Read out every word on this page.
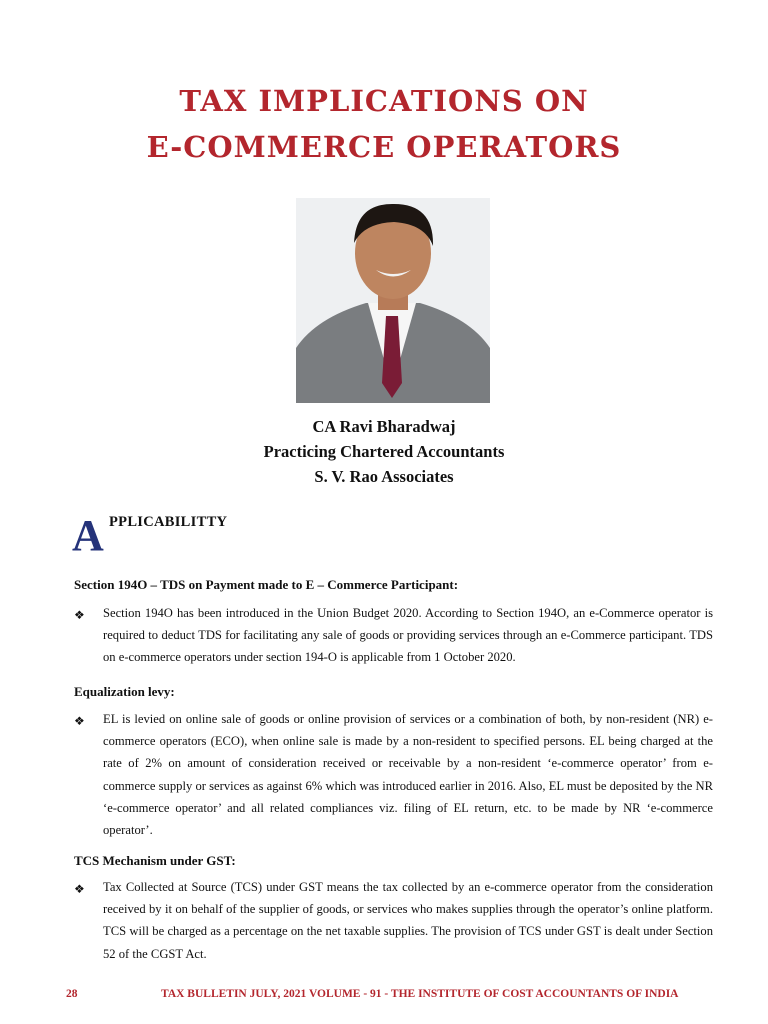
TAX IMPLICATIONS ON
E-COMMERCE OPERATORS
CA Ravi Bharadwaj
Practicing Chartered Accountants
S. V. Rao Associates
A PPLICABILITTY
Section 194O – TDS on Payment made to E – Commerce Participant:
❖ Section 194O has been introduced in the Union Budget 2020. According to Section 194O, an e-Commerce operator is required to deduct TDS for facilitating any sale of goods or providing services through an e-Commerce participant. TDS on e-commerce operators under section 194-O is applicable from 1 October 2020.
Equalization levy:
❖ EL is levied on online sale of goods or online provision of services or a combination of both, by non-resident (NR) e-commerce operators (ECO), when online sale is made by a non-resident to specified persons. EL being charged at the rate of 2% on amount of consideration received or receivable by a non-resident ‘e-commerce operator’ from e-commerce supply or services as against 6% which was introduced earlier in 2016. Also, EL must be deposited by the NR ‘e-commerce operator’ and all related compliances viz. filing of EL return, etc. to be made by NR ‘e-commerce operator’.
TCS Mechanism under GST:
❖ Tax Collected at Source (TCS) under GST means the tax collected by an e-commerce operator from the consideration received by it on behalf of the supplier of goods, or services who makes supplies through the operator’s online platform. TCS will be charged as a percentage on the net taxable supplies. The provision of TCS under GST is dealt under Section 52 of the CGST Act.
28	TAX BULLETIN JULY, 2021 VOLUME - 91 - THE INSTITUTE OF COST ACCOUNTANTS OF INDIA
